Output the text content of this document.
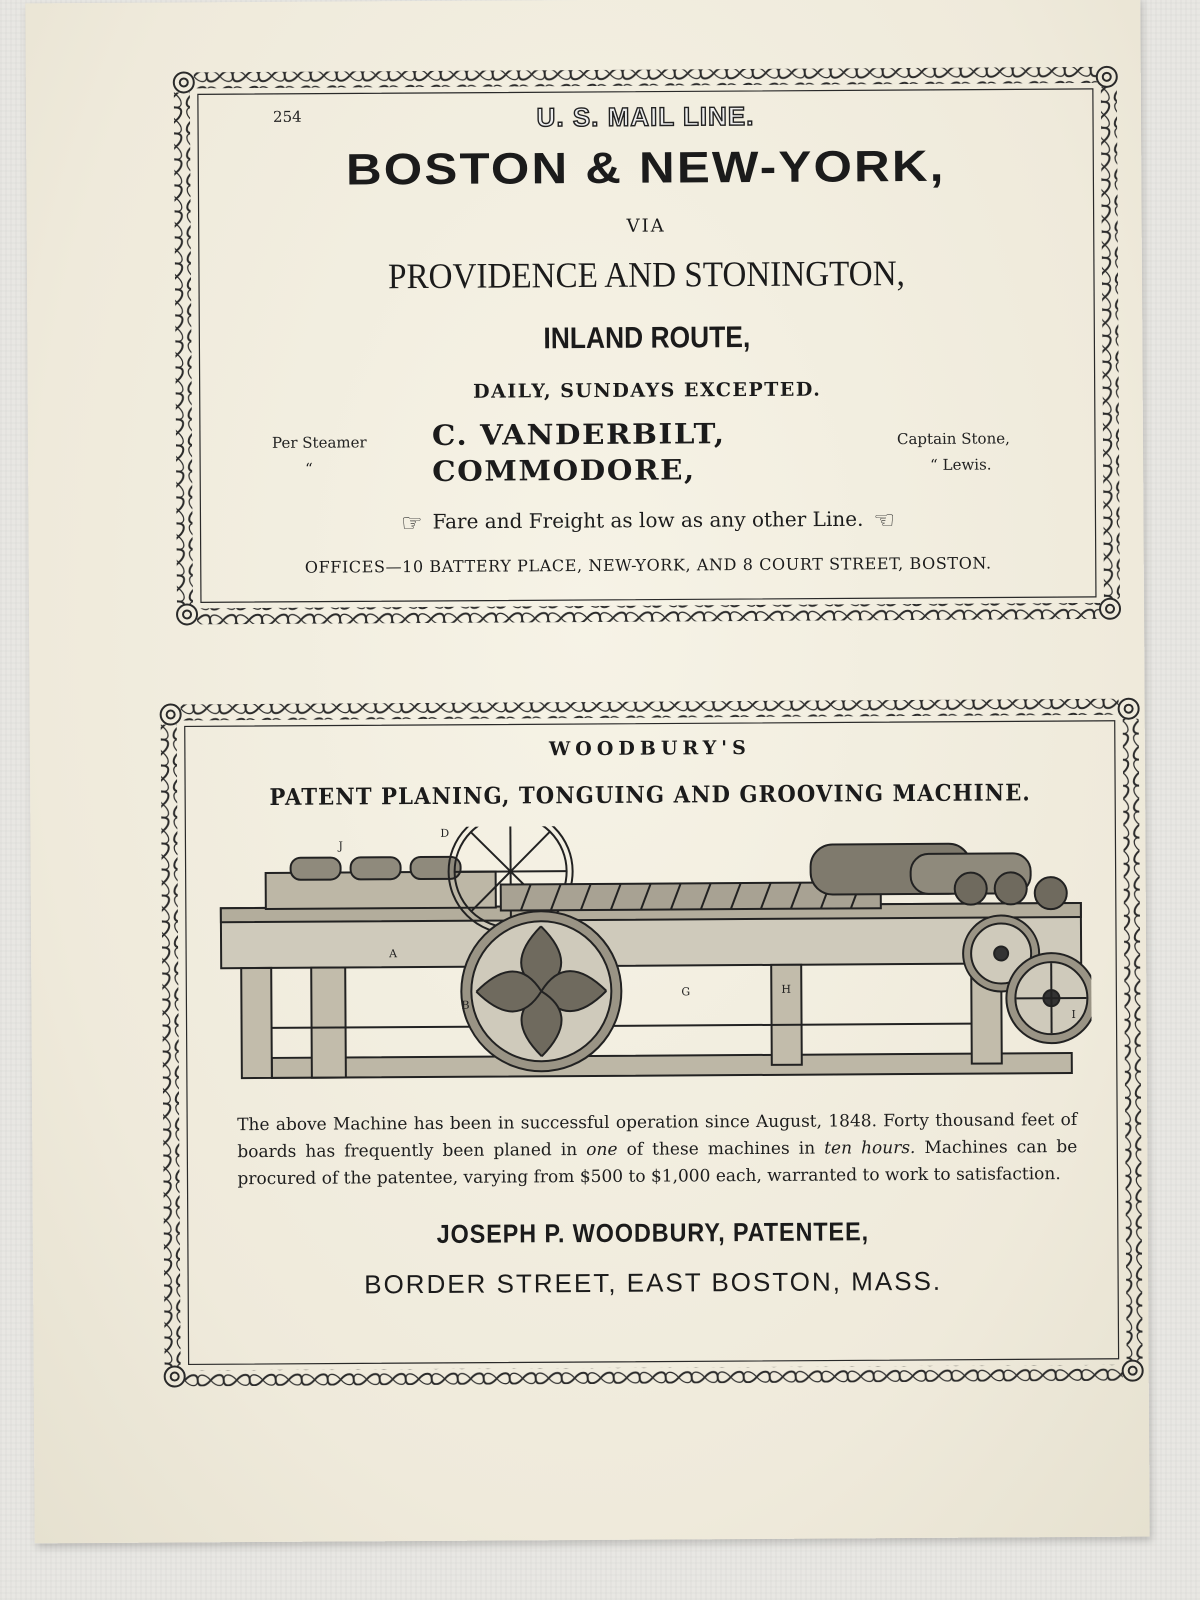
254	U. S. MAIL LINE.
BOSTON & NEW-YORK,
VIA
PROVIDENCE AND STONINGTON,
INLAND ROUTE,
DAILY, SUNDAYS EXCEPTED.
Per Steamer
“
C. VANDERBILT,
COMMODORE,
Captain Stone,
“ Lewis.
☞ Fare and Freight as low as any other Line. ☜
OFFICES—10 BATTERY PLACE, NEW-YORK, AND 8 COURT STREET, BOSTON.
WOODBURY'S
PATENT PLANING, TONGUING AND GROOVING MACHINE.
J
D
A
B
G	H
I
The above Machine has been in successful operation since August, 1848. Forty thousand feet of boards has frequently been planed in one of these machines in ten hours. Machines can be procured of the patentee, varying from $500 to $1,000 each, warranted to work to satisfaction.
JOSEPH P. WOODBURY, PATENTEE,
BORDER STREET, EAST BOSTON, MASS.
